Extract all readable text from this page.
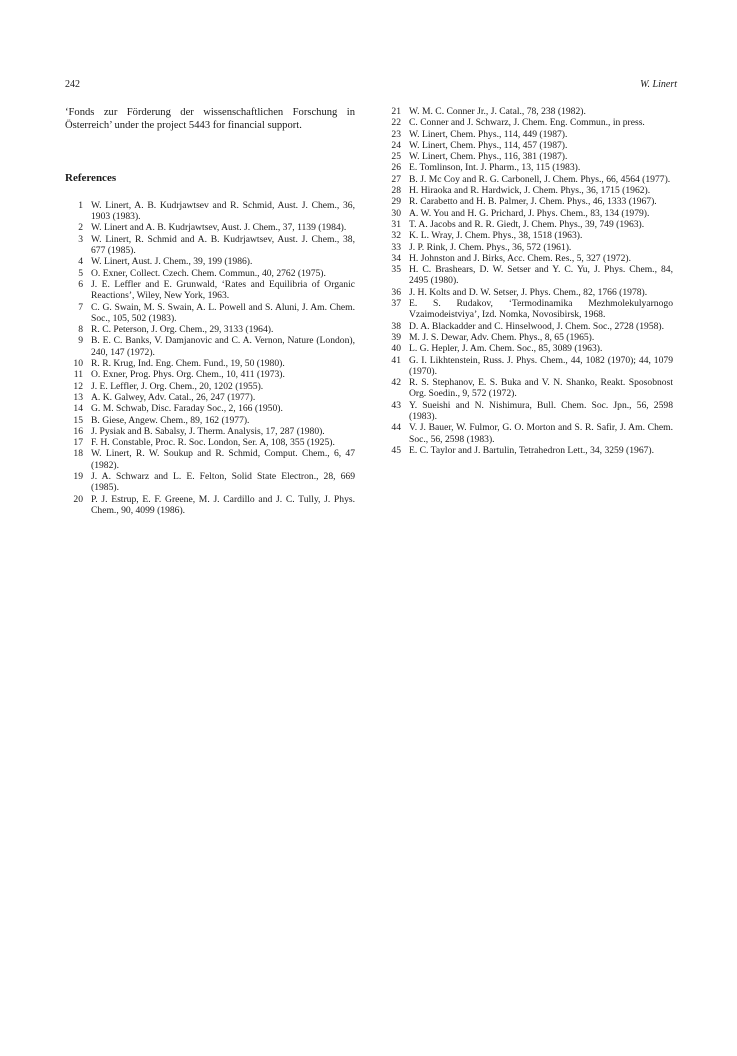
242	W. Linert

‘Fonds zur Förderung der wissenschaftlichen Forschung in Österreich’ under the project 5443 for financial support.

References
1 W. Linert, A. B. Kudrjawtsev and R. Schmid, Aust. J. Chem., 36, 1903 (1983).
2 W. Linert and A. B. Kudrjawtsev, Aust. J. Chem., 37, 1139 (1984).
3 W. Linert, R. Schmid and A. B. Kudrjawtsev, Aust. J. Chem., 38, 677 (1985).
4 W. Linert, Aust. J. Chem., 39, 199 (1986).
5 O. Exner, Collect. Czech. Chem. Commun., 40, 2762 (1975).
6 J. E. Leffler and E. Grunwald, ‘Rates and Equilibria of Organic Reactions’, Wiley, New York, 1963.
7 C. G. Swain, M. S. Swain, A. L. Powell and S. Aluni, J. Am. Chem. Soc., 105, 502 (1983).
8 R. C. Peterson, J. Org. Chem., 29, 3133 (1964).
9 B. E. C. Banks, V. Damjanovic and C. A. Vernon, Nature (London), 240, 147 (1972).
10 R. R. Krug, Ind. Eng. Chem. Fund., 19, 50 (1980).
11 O. Exner, Prog. Phys. Org. Chem., 10, 411 (1973).
12 J. E. Leffler, J. Org. Chem., 20, 1202 (1955).
13 A. K. Galwey, Adv. Catal., 26, 247 (1977).
14 G. M. Schwab, Disc. Faraday Soc., 2, 166 (1950).
15 B. Giese, Angew. Chem., 89, 162 (1977).
16 J. Pysiak and B. Sabalsy, J. Therm. Analysis, 17, 287 (1980).
17 F. H. Constable, Proc. R. Soc. London, Ser. A, 108, 355 (1925).
18 W. Linert, R. W. Soukup and R. Schmid, Comput. Chem., 6, 47 (1982).
19 J. A. Schwarz and L. E. Felton, Solid State Electron., 28, 669 (1985).
20 P. J. Estrup, E. F. Greene, M. J. Cardillo and J. C. Tully, J. Phys. Chem., 90, 4099 (1986).
21 W. M. C. Conner Jr., J. Catal., 78, 238 (1982).
22 C. Conner and J. Schwarz, J. Chem. Eng. Commun., in press.
23 W. Linert, Chem. Phys., 114, 449 (1987).
24 W. Linert, Chem. Phys., 114, 457 (1987).
25 W. Linert, Chem. Phys., 116, 381 (1987).
26 E. Tomlinson, Int. J. Pharm., 13, 115 (1983).
27 B. J. Mc Coy and R. G. Carbonell, J. Chem. Phys., 66, 4564 (1977).
28 H. Hiraoka and R. Hardwick, J. Chem. Phys., 36, 1715 (1962).
29 R. Carabetto and H. B. Palmer, J. Chem. Phys., 46, 1333 (1967).
30 A. W. You and H. G. Prichard, J. Phys. Chem., 83, 134 (1979).
31 T. A. Jacobs and R. R. Giedt, J. Chem. Phys., 39, 749 (1963).
32 K. L. Wray, J. Chem. Phys., 38, 1518 (1963).
33 J. P. Rink, J. Chem. Phys., 36, 572 (1961).
34 H. Johnston and J. Birks, Acc. Chem. Res., 5, 327 (1972).
35 H. C. Brashears, D. W. Setser and Y. C. Yu, J. Phys. Chem., 84, 2495 (1980).
36 J. H. Kolts and D. W. Setser, J. Phys. Chem., 82, 1766 (1978).
37 E. S. Rudakov, ‘Termodinamika Mezhmolekulyarnogo Vzaimodeistviya’, Izd. Nomka, Novosibirsk, 1968.
38 D. A. Blackadder and C. Hinselwood, J. Chem. Soc., 2728 (1958).
39 M. J. S. Dewar, Adv. Chem. Phys., 8, 65 (1965).
40 L. G. Hepler, J. Am. Chem. Soc., 85, 3089 (1963).
41 G. I. Likhtenstein, Russ. J. Phys. Chem., 44, 1082 (1970); 44, 1079 (1970).
42 R. S. Stephanov, E. S. Buka and V. N. Shanko, Reakt. Sposobnost Org. Soedin., 9, 572 (1972).
43 Y. Sueishi and N. Nishimura, Bull. Chem. Soc. Jpn., 56, 2598 (1983).
44 V. J. Bauer, W. Fulmor, G. O. Morton and S. R. Safir, J. Am. Chem. Soc., 56, 2598 (1983).
45 E. C. Taylor and J. Bartulin, Tetrahedron Lett., 34, 3259 (1967).
